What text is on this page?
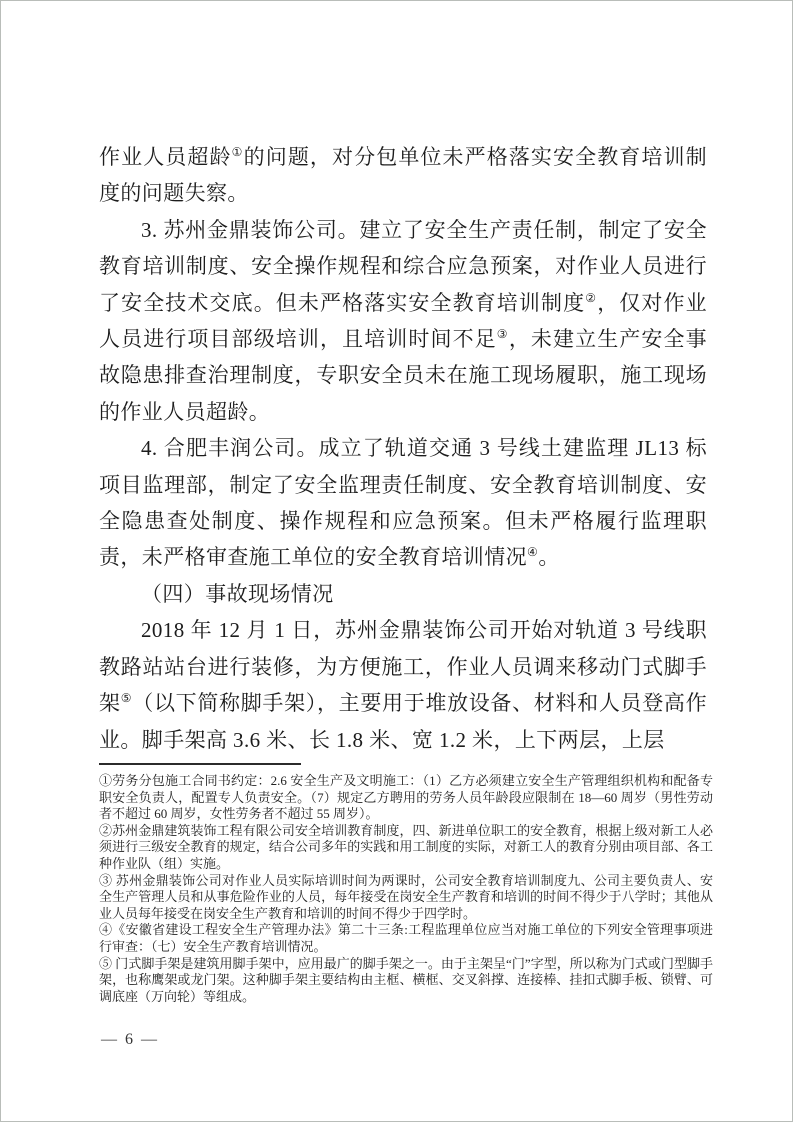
作业人员超龄①的问题，对分包单位未严格落实安全教育培训制度的问题失察。

3. 苏州金鼎装饰公司。建立了安全生产责任制，制定了安全教育培训制度、安全操作规程和综合应急预案，对作业人员进行了安全技术交底。但未严格落实安全教育培训制度②，仅对作业人员进行项目部级培训，且培训时间不足③，未建立生产安全事故隐患排查治理制度，专职安全员未在施工现场履职，施工现场的作业人员超龄。

4. 合肥丰润公司。成立了轨道交通 3 号线土建监理 JL13 标项目监理部，制定了安全监理责任制度、安全教育培训制度、安全隐患查处制度、操作规程和应急预案。但未严格履行监理职责，未严格审查施工单位的安全教育培训情况④。

（四）事故现场情况

2018 年 12 月 1 日，苏州金鼎装饰公司开始对轨道 3 号线职教路站站台进行装修，为方便施工，作业人员调来移动门式脚手架⑤（以下简称脚手架），主要用于堆放设备、材料和人员登高作业。脚手架高 3.6 米、长 1.8 米、宽 1.2 米，上下两层，上层

①劳务分包施工合同书约定：2.6 安全生产及文明施工：（1）乙方必须建立安全生产管理组织机构和配备专职安全负责人，配置专人负责安全。（7）规定乙方聘用的劳务人员年龄段应限制在 18—60 周岁（男性劳动者不超过 60 周岁，女性劳务者不超过 55 周岁）。

②苏州金鼎建筑装饰工程有限公司安全培训教育制度，四、新进单位职工的安全教育，根据上级对新工人必须进行三级安全教育的规定，结合公司多年的实践和用工制度的实际，对新工人的教育分别由项目部、各工种作业队（组）实施。

③ 苏州金鼎装饰公司对作业人员实际培训时间为两课时，公司安全教育培训制度九、公司主要负责人、安全生产管理人员和从事危险作业的人员，每年接受在岗安全生产教育和培训的时间不得少于八学时；其他从业人员每年接受在岗安全生产教育和培训的时间不得少于四学时。

④《安徽省建设工程安全生产管理办法》第二十三条:工程监理单位应当对施工单位的下列安全管理事项进行审查：（七）安全生产教育培训情况。

⑤ 门式脚手架是建筑用脚手架中，应用最广的脚手架之一。由于主架呈“门”字型，所以称为门式或门型脚手架，也称鹰架或龙门架。这种脚手架主要结构由主框、横框、交叉斜撑、连接棒、挂扣式脚手板、锁臂、可调底座（万向轮）等组成。

— 6 —
